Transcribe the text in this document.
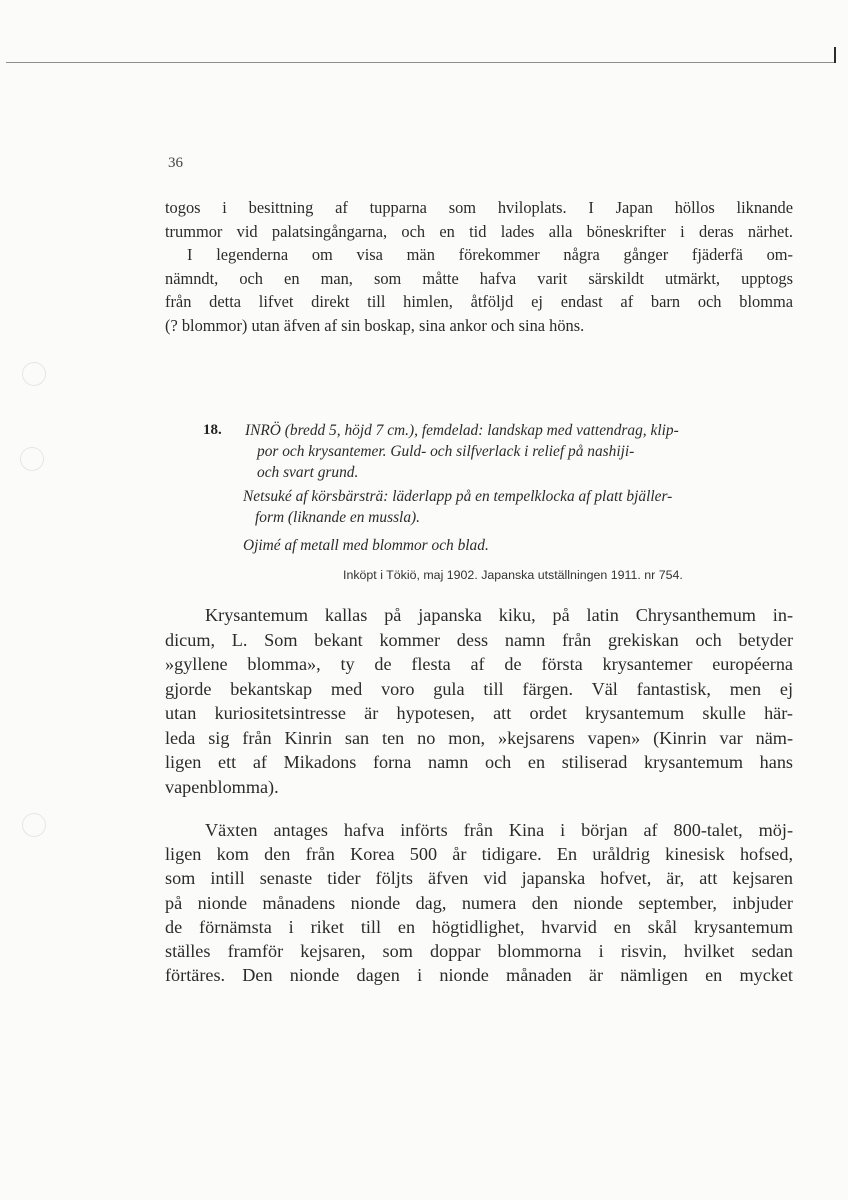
36
togos i besittning af tupparna som hviloplats. I Japan höllos liknande
trummor vid palatsingångarna, och en tid lades alla böneskrifter i deras närhet.
I legenderna om visa män förekommer några gånger fjäderfä om-
nämndt, och en man, som måtte hafva varit särskildt utmärkt, upptogs
från detta lifvet direkt till himlen, åtföljd ej endast af barn och blomma
(? blommor) utan äfven af sin boskap, sina ankor och sina höns.
18. INRÖ (bredd 5, höjd 7 cm.), femdelad: landskap med vattendrag, klip-
por och krysantemer. Guld- och silfverlack i relief på nashiji-
och svart grund.
Netsuké af körsbärsträ: läderlapp på en tempelklocka af platt bjäller-
form (liknande en mussla).
Ojimé af metall med blommor och blad.
Inköpt i Tökiö, maj 1902. Japanska utställningen 1911. nr 754.
Krysantemum kallas på japanska kiku, på latin Chrysanthemum in-
dicum, L. Som bekant kommer dess namn från grekiskan och betyder
»gyllene blomma», ty de flesta af de första krysantemer européerna
gjorde bekantskap med voro gula till färgen. Väl fantastisk, men ej
utan kuriositetsintresse är hypotesen, att ordet krysantemum skulle här-
leda sig från Kinrin san ten no mon, »kejsarens vapen» (Kinrin var näm-
ligen ett af Mikadons forna namn och en stiliserad krysantemum hans
vapenblomma).
Växten antages hafva införts från Kina i början af 800-talet, möj-
ligen kom den från Korea 500 år tidigare. En uråldrig kinesisk hofsed,
som intill senaste tider följts äfven vid japanska hofvet, är, att kejsaren
på nionde månadens nionde dag, numera den nionde september, inbjuder
de förnämsta i riket till en högtidlighet, hvarvid en skål krysantemum
ställes framför kejsaren, som doppar blommorna i risvin, hvilket sedan
förtäres. Den nionde dagen i nionde månaden är nämligen en mycket
